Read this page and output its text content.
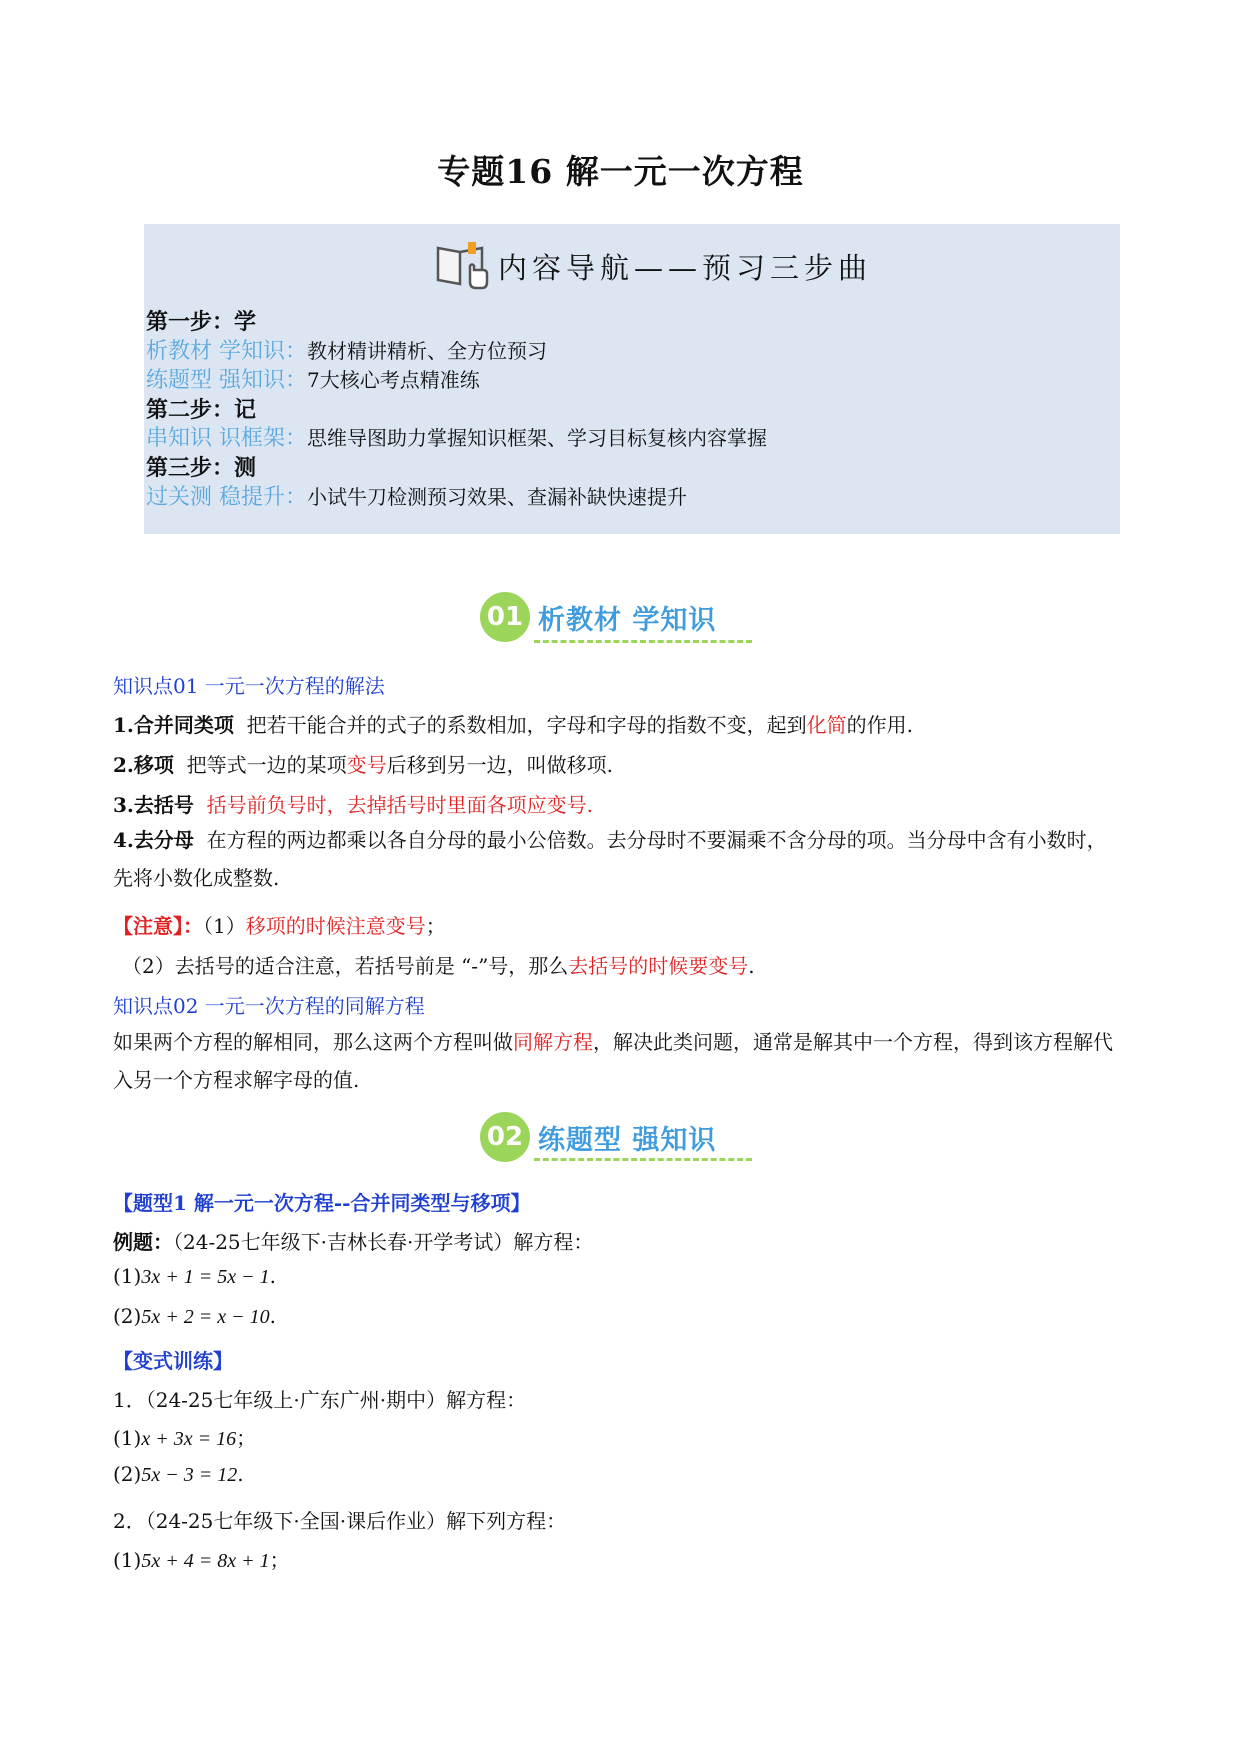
专题16 解一元一次方程
内容导航——预习三步曲
第一步：学
析教材 学知识：教材精讲精析、全方位预习
练题型 强知识：7大核心考点精准练
第二步：记
串知识 识框架：思维导图助力掌握知识框架、学习目标复核内容掌握
第三步：测
过关测 稳提升：小试牛刀检测预习效果、查漏补缺快速提升
01 析教材 学知识
知识点01 一元一次方程的解法
1.合并同类项 把若干能合并的式子的系数相加，字母和字母的指数不变，起到化简的作用.
2.移项 把等式一边的某项变号后移到另一边，叫做移项.
3.去括号 括号前负号时，去掉括号时里面各项应变号.
4.去分母 在方程的两边都乘以各自分母的最小公倍数。去分母时不要漏乘不含分母的项。当分母中含有小数时，先将小数化成整数.
【注意】：（1）移项的时候注意变号；
（2）去括号的适合注意，若括号前是 “-”号，那么去括号的时候要变号.
知识点02 一元一次方程的同解方程
如果两个方程的解相同，那么这两个方程叫做同解方程，解决此类问题，通常是解其中一个方程，得到该方程解代入另一个方程求解字母的值.
02 练题型 强知识
【题型1 解一元一次方程--合并同类型与移项】
例题：（24-25七年级下·吉林长春·开学考试）解方程：
(1)3x + 1 = 5x − 1.
(2)5x + 2 = x − 10.
【变式训练】
1．（24-25七年级上·广东广州·期中）解方程：
(1)x + 3x = 16；
(2)5x − 3 = 12.
2．（24-25七年级下·全国·课后作业）解下列方程：
(1)5x + 4 = 8x + 1；
